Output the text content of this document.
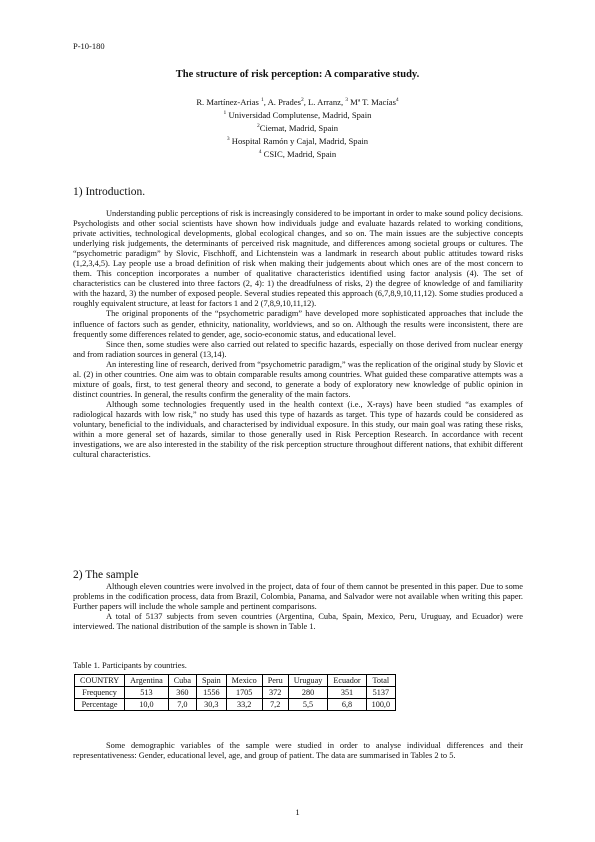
P-10-180
The structure of risk perception: A comparative study.
R. Martínez-Arias $^1$, A. Prades$^2$, L. Arranz, $^3$ Mª T. Macías$^4$
$^1$ Universidad Complutense, Madrid, Spain
$^2$Ciemat, Madrid, Spain
$^3$ Hospital Ramón y Cajal, Madrid, Spain
$^4$ CSIC, Madrid, Spain
1) Introduction.

Understanding public perceptions of risk is increasingly considered to be important in order to make sound policy decisions. Psychologists and other social scientists have shown how individuals judge and evaluate hazards related to working conditions, private activities, technological developments, global ecological changes, and so on. The main issues are the subjective concepts underlying risk judgements, the determinants of perceived risk magnitude, and differences among societal groups or cultures. The “psychometric paradigm” by Slovic, Fischhoff, and Lichtenstein was a landmark in research about public attitudes toward risks (1,2,3,4,5). Lay people use a broad definition of risk when making their judgements about which ones are of the most concern to them. This conception incorporates a number of qualitative characteristics identified using factor analysis (4). The set of characteristics can be clustered into three factors (2, 4): 1) the dreadfulness of risks, 2) the degree of knowledge of and familiarity with the hazard, 3) the number of exposed people. Several studies repeated this approach (6,7,8,9,10,11,12). Some studies produced a roughly equivalent structure, at least for factors 1 and 2 (7,8,9,10,11,12).

The original proponents of the “psychometric paradigm” have developed more sophisticated approaches that include the influence of factors such as gender, ethnicity, nationality, worldviews, and so on. Although the results were inconsistent, there are frequently some differences related to gender, age, socio-economic status, and educational level.

Since then, some studies were also carried out related to specific hazards, especially on those derived from nuclear energy and from radiation sources in general (13,14).

An interesting line of research, derived from “psychometric paradigm,” was the replication of the original study by Slovic et al. (2) in other countries. One aim was to obtain comparable results among countries. What guided these comparative attempts was a mixture of goals, first, to test general theory and second, to generate a body of exploratory new knowledge of public opinion in distinct countries. In general, the results confirm the generality of the main factors.

Although some technologies frequently used in the health context (i.e., X-rays) have been studied “as examples of radiological hazards with low risk,” no study has used this type of hazards as target. This type of hazards could be considered as voluntary, beneficial to the individuals, and characterised by individual exposure. In this study, our main goal was rating these risks, within a more general set of hazards, similar to those generally used in Risk Perception Research. In accordance with recent investigations, we are also interested in the stability of the risk perception structure throughout different nations, that exhibit different cultural characteristics.

2) The sample

Although eleven countries were involved in the project, data of four of them cannot be presented in this paper. Due to some problems in the codification process, data from Brazil, Colombia, Panama, and Salvador were not available when writing this paper. Further papers will include the whole sample and pertinent comparisons.

A total of 5137 subjects from seven countries (Argentina, Cuba, Spain, Mexico, Peru, Uruguay, and Ecuador) were interviewed. The national distribution of the sample is shown in Table 1.

Table 1. Participants by countries.
COUNTRY	Argentina	Cuba	Spain	Mexico	Peru	Uruguay	Ecuador	Total
Frequency	513	360	1556	1705	372	280	351	5137
Percentage	10,0	7,0	30,3	33,2	7,2	5,5	6,8	100,0

Some demographic variables of the sample were studied in order to analyse individual differences and their representativeness: Gender, educational level, age, and group of patient. The data are summarised in Tables 2 to 5.

1
